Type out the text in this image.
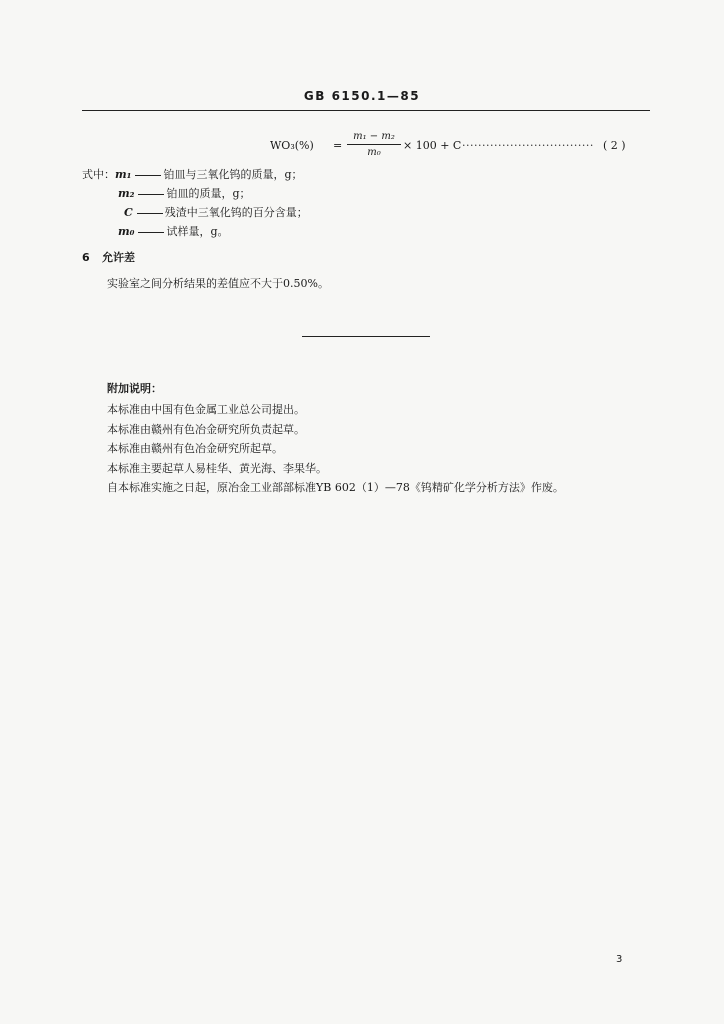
GB 6150.1—85
WO₃(%) =
m₁ − m₂
m₀
× 100 + C ································· ( 2 )
式中：m₁	铂皿与三氧化钨的质量，g；
m₂	铂皿的质量，g；
C	残渣中三氧化钨的百分含量；
m₀	试样量，g。
6 允许差
实验室之间分析结果的差值应不大于0.50%。
附加说明：
本标准由中国有色金属工业总公司提出。
本标准由赣州有色冶金研究所负责起草。
本标准由赣州有色冶金研究所起草。
本标准主要起草人易桂华、黄光海、李果华。
自本标准实施之日起，原冶金工业部部标准YB 602（1）—78《钨精矿化学分析方法》作废。
3
